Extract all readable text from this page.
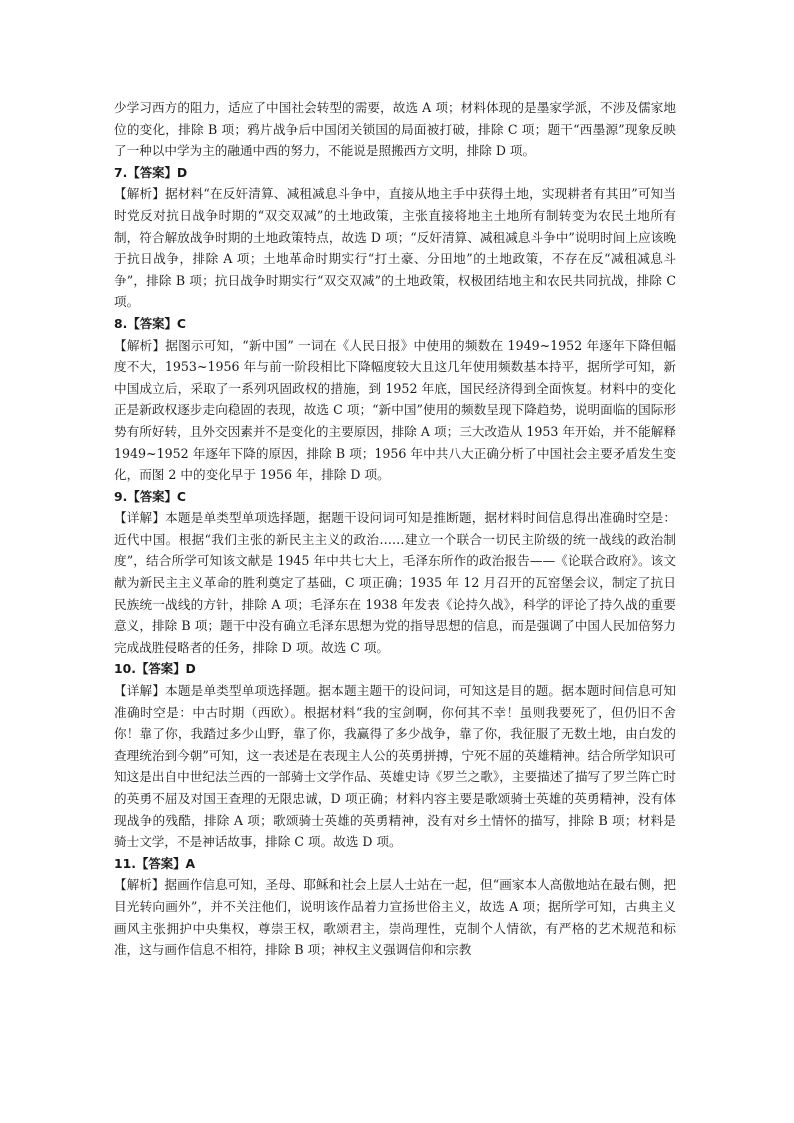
少学习西方的阻力，适应了中国社会转型的需要，故选 A 项；材料体现的是墨家学派，不涉及儒家地位的变化，排除 B 项；鸦片战争后中国闭关锁国的局面被打破，排除 C 项；题干“西墨源”现象反映了一种以中学为主的融通中西的努力，不能说是照搬西方文明，排除 D 项。

7.【答案】D

【解析】据材料“在反奸清算、减租减息斗争中，直接从地主手中获得土地，实现耕者有其田”可知当时党反对抗日战争时期的“双交双减”的土地政策，主张直接将地主土地所有制转变为农民土地所有制，符合解放战争时期的土地政策特点，故选 D 项；“反奸清算、减租减息斗争中”说明时间上应该晚于抗日战争，排除 A 项；土地革命时期实行“打土豪、分田地”的土地政策，不存在反“减租减息斗争”，排除 B 项；抗日战争时期实行“双交双减”的土地政策，权极团结地主和农民共同抗战，排除 C 项。

8.【答案】C

【解析】据图示可知，“新中国” 一词在《人民日报》中使用的频数在 1949~1952 年逐年下降但幅度不大，1953~1956 年与前一阶段相比下降幅度较大且这几年使用频数基本持平，据所学可知，新中国成立后，采取了一系列巩固政权的措施，到 1952 年底，国民经济得到全面恢复。材料中的变化正是新政权逐步走向稳固的表现，故选 C 项；“新中国”使用的频数呈现下降趋势，说明面临的国际形势有所好转，且外交因素并不是变化的主要原因，排除 A 项；三大改造从 1953 年开始，并不能解释 1949~1952 年逐年下降的原因，排除 B 项；1956 年中共八大正确分析了中国社会主要矛盾发生变化，而图 2 中的变化早于 1956 年，排除 D 项。

9.【答案】C

【详解】本题是单类型单项选择题，据题干设问词可知是推断题，据材料时间信息得出准确时空是：近代中国。根据“我们主张的新民主主义的政治……建立一个联合一切民主阶级的统一战线的政治制度”，结合所学可知该文献是 1945 年中共七大上，毛泽东所作的政治报告——《论联合政府》。该文献为新民主主义革命的胜利奠定了基础，C 项正确；1935 年 12 月召开的瓦窑堡会议，制定了抗日民族统一战线的方针，排除 A 项；毛泽东在 1938 年发表《论持久战》，科学的评论了持久战的重要意义，排除 B 项；题干中没有确立毛泽东思想为党的指导思想的信息，而是强调了中国人民加倍努力完成战胜侵略者的任务，排除 D 项。故选 C 项。

10.【答案】D

【详解】本题是单类型单项选择题。据本题主题干的设问词，可知这是目的题。据本题时间信息可知准确时空是：中古时期（西欧）。根据材料“我的宝剑啊，你何其不幸！虽则我要死了，但仍旧不舍你！靠了你，我踏过多少山野，靠了你，我赢得了多少战争，靠了你，我征服了无数土地，由白发的查理统治到今朝”可知，这一表述是在表现主人公的英勇拼搏，宁死不屈的英雄精神。结合所学知识可知这是出自中世纪法兰西的一部骑士文学作品、英雄史诗《罗兰之歌》，主要描述了描写了罗兰阵亡时的英勇不屈及对国王查理的无限忠诚，D 项正确；材料内容主要是歌颂骑士英雄的英勇精神，没有体现战争的残酷，排除 A 项；歌颂骑士英雄的英勇精神，没有对乡土情怀的描写，排除 B 项；材料是骑士文学，不是神话故事，排除 C 项。故选 D 项。

11.【答案】A

【解析】据画作信息可知，圣母、耶稣和社会上层人士站在一起，但“画家本人高傲地站在最右侧，把目光转向画外”，并不关注他们，说明该作品着力宣扬世俗主义，故选 A 项；据所学可知，古典主义画风主张拥护中央集权，尊崇王权，歌颂君主，崇尚理性，克制个人情欲，有严格的艺术规范和标准，这与画作信息不相符，排除 B 项；神权主义强调信仰和宗教
